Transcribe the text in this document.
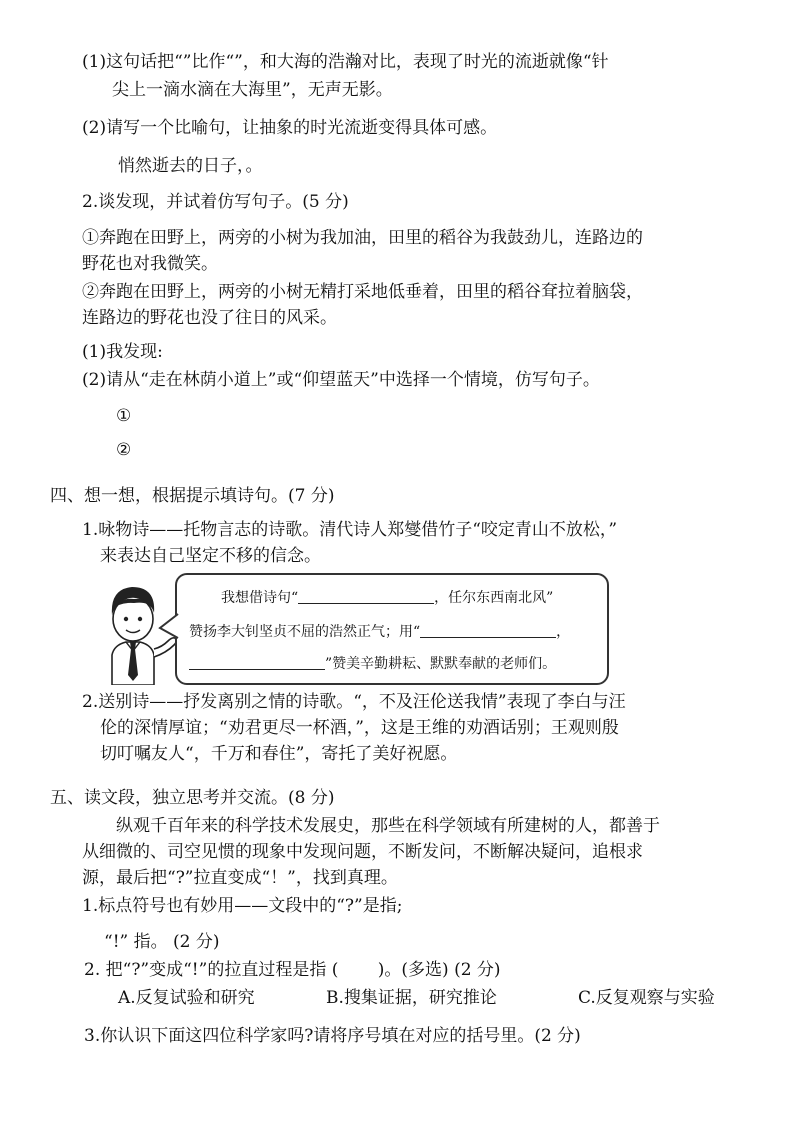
(1)这句话把“”比作“”，和大海的浩瀚对比，表现了时光的流逝就像“针
尖上一滴水滴在大海里”，无声无影。
(2)请写一个比喻句，让抽象的时光流逝变得具体可感。
悄然逝去的日子，。
2.谈发现，并试着仿写句子。(5 分)
①奔跑在田野上，两旁的小树为我加油，田里的稻谷为我鼓劲儿，连路边的
野花也对我微笑。
②奔跑在田野上，两旁的小树无精打采地低垂着，田里的稻谷耷拉着脑袋，
连路边的野花也没了往日的风采。
(1)我发现:
(2)请从“走在林荫小道上”或“仰望蓝天”中选择一个情境，仿写句子。
①
②
四、想一想，根据提示填诗句。(7 分)
1.咏物诗——托物言志的诗歌。清代诗人郑燮借竹子“咬定青山不放松，”
来表达自己坚定不移的信念。
我想借诗句“	，任尔东西南北风”
赞扬李大钊坚贞不屈的浩然正气；用“	，
”赞美辛勤耕耘、默默奉献的老师们。
2.送别诗——抒发离别之情的诗歌。“，不及汪伦送我情”表现了李白与汪
伦的深情厚谊；“劝君更尽一杯酒，”，这是王维的劝酒话别；王观则殷
切叮嘱友人“，千万和春住”，寄托了美好祝愿。
五、读文段，独立思考并交流。(8 分)
纵观千百年来的科学技术发展史，那些在科学领域有所建树的人，都善于
从细微的、司空见惯的现象中发现问题，不断发问，不断解决疑问，追根求
源，最后把“?”拉直变成“！”，找到真理。
1.标点符号也有妙用——文段中的“?”是指;
“!” 指。 (2 分)
2. 把“?”变成“!”的拉直过程是指 (　　 )。(多选) (2 分)
A.反复试验和研究	B.搜集证据，研究推论	C.反复观察与实验
3.你认识下面这四位科学家吗?请将序号填在对应的括号里。(2 分)
